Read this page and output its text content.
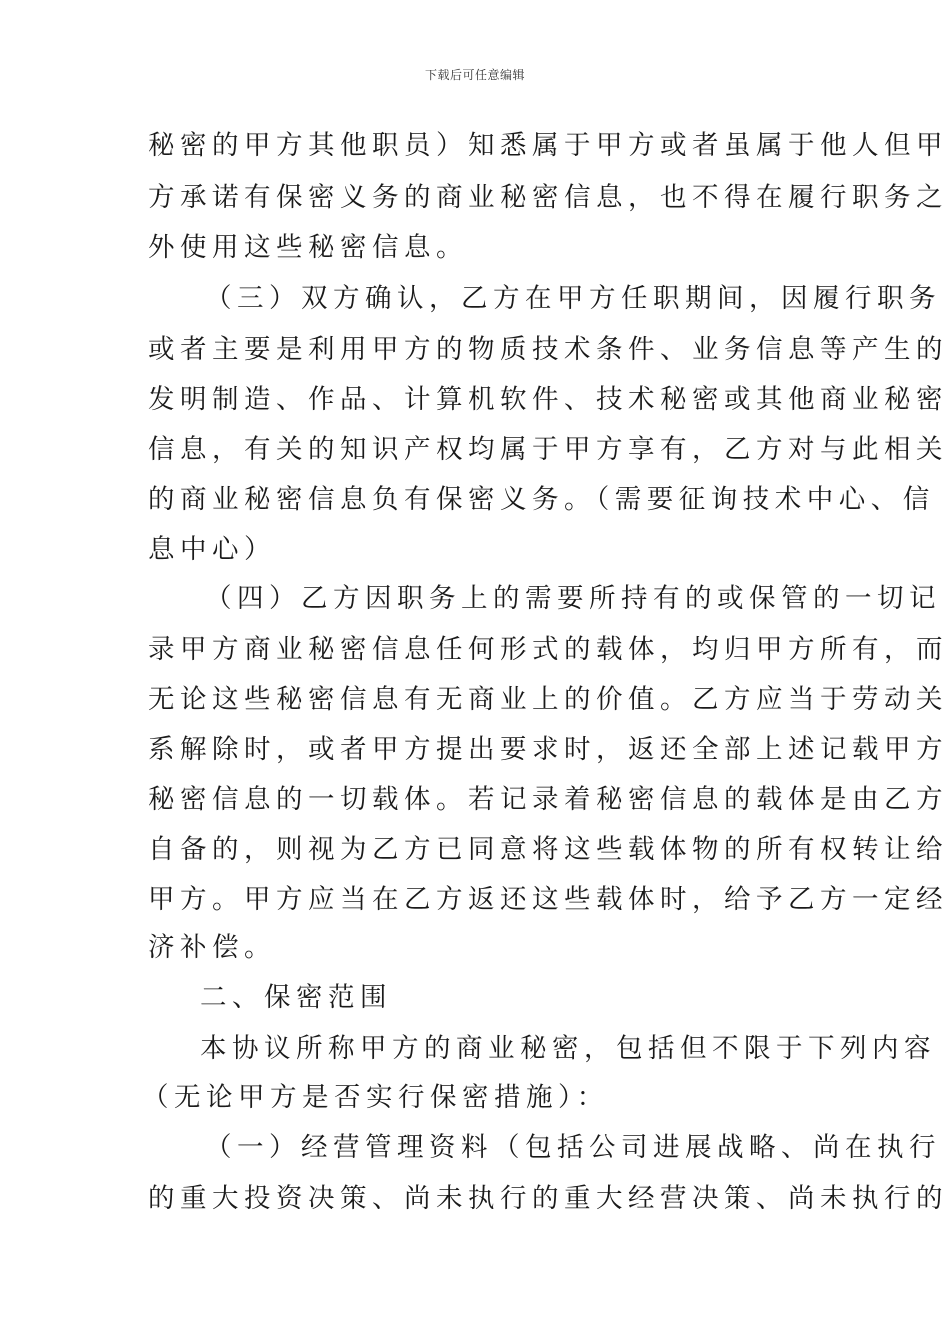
下载后可任意编辑
秘密的甲方其他职员）知悉属于甲方或者虽属于他人但甲
方承诺有保密义务的商业秘密信息，也不得在履行职务之
外使用这些秘密信息。
（三）双方确认，乙方在甲方任职期间，因履行职务
或者主要是利用甲方的物质技术条件、业务信息等产生的
发明制造、作品、计算机软件、技术秘密或其他商业秘密
信息，有关的知识产权均属于甲方享有，乙方对与此相关
的商业秘密信息负有保密义务。（需要征询技术中心、信
息中心）
（四）乙方因职务上的需要所持有的或保管的一切记
录甲方商业秘密信息任何形式的载体，均归甲方所有，而
无论这些秘密信息有无商业上的价值。乙方应当于劳动关
系解除时，或者甲方提出要求时，返还全部上述记载甲方
秘密信息的一切载体。若记录着秘密信息的载体是由乙方
自备的，则视为乙方已同意将这些载体物的所有权转让给
甲方。甲方应当在乙方返还这些载体时，给予乙方一定经
济补偿。
二、保密范围
本协议所称甲方的商业秘密，包括但不限于下列内容
（无论甲方是否实行保密措施）：
（一）经营管理资料（包括公司进展战略、尚在执行
的重大投资决策、尚未执行的重大经营决策、尚未执行的
